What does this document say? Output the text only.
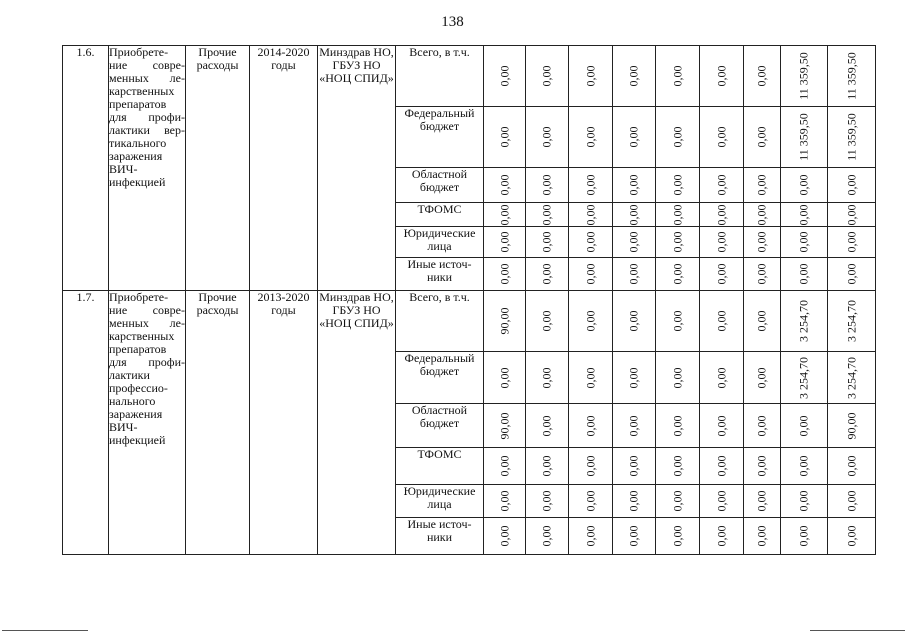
138
1.6.	Приобрете-ние совре-менных ле-карственных препаратов для профи-лактики вер-тикального заражения ВИЧ-инфекцией	Прочие расходы	2014-2020 годы	Минздрав НО, ГБУЗ НО «НОЦ СПИД»	Всего, в т.ч.	0,00	0,00	0,00	0,00	0,00	0,00	0,00	11 359,50	11 359,50

					Федеральный бюджет	0,00	0,00	0,00	0,00	0,00	0,00	0,00	11 359,50	11 359,50

					Областной бюджет	0,00	0,00	0,00	0,00	0,00	0,00	0,00	0,00	0,00

					ТФОМС	0,00	0,00	0,00	0,00	0,00	0,00	0,00	0,00	0,00

					Юридические лица	0,00	0,00	0,00	0,00	0,00	0,00	0,00	0,00	0,00

					Иные источ-ники	0,00	0,00	0,00	0,00	0,00	0,00	0,00	0,00	0,00

1.7.	Приобрете-ние совре-менных ле-карственных препаратов для профи-лактики профессио-нального заражения ВИЧ-инфекцией	Прочие расходы	2013-2020 годы	Минздрав НО, ГБУЗ НО «НОЦ СПИД»	Всего, в т.ч.	90,00	0,00	0,00	0,00	0,00	0,00	0,00	3 254,70	3 254,70

					Федеральный бюджет	0,00	0,00	0,00	0,00	0,00	0,00	0,00	3 254,70	3 254,70

					Областной бюджет	90,00	0,00	0,00	0,00	0,00	0,00	0,00	0,00	90,00

					ТФОМС	0,00	0,00	0,00	0,00	0,00	0,00	0,00	0,00	0,00

					Юридические лица	0,00	0,00	0,00	0,00	0,00	0,00	0,00	0,00	0,00

					Иные источ-ники	0,00	0,00	0,00	0,00	0,00	0,00	0,00	0,00	0,00
